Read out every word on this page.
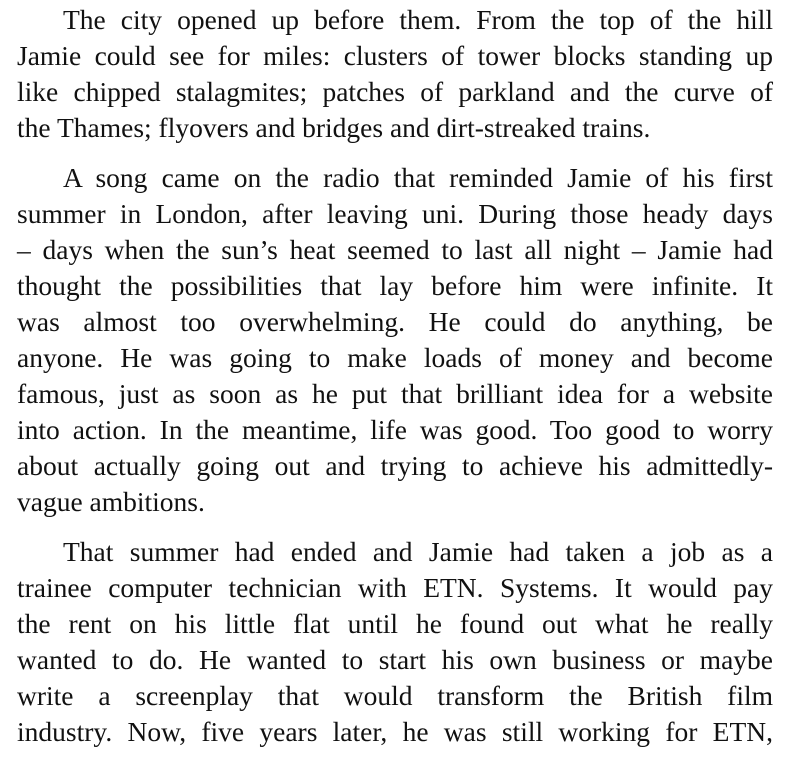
The city opened up before them. From the top of the hill
Jamie could see for miles: clusters of tower blocks standing up
like chipped stalagmites; patches of parkland and the curve of
the Thames; flyovers and bridges and dirt-streaked trains.

A song came on the radio that reminded Jamie of his first
summer in London, after leaving uni. During those heady days
– days when the sun’s heat seemed to last all night – Jamie had
thought the possibilities that lay before him were infinite. It
was almost too overwhelming. He could do anything, be
anyone. He was going to make loads of money and become
famous, just as soon as he put that brilliant idea for a website
into action. In the meantime, life was good. Too good to worry
about actually going out and trying to achieve his admittedly-
vague ambitions.

That summer had ended and Jamie had taken a job as a
trainee computer technician with ETN. Systems. It would pay
the rent on his little flat until he found out what he really
wanted to do. He wanted to start his own business or maybe
write a screenplay that would transform the British film
industry. Now, five years later, he was still working for ETN,
